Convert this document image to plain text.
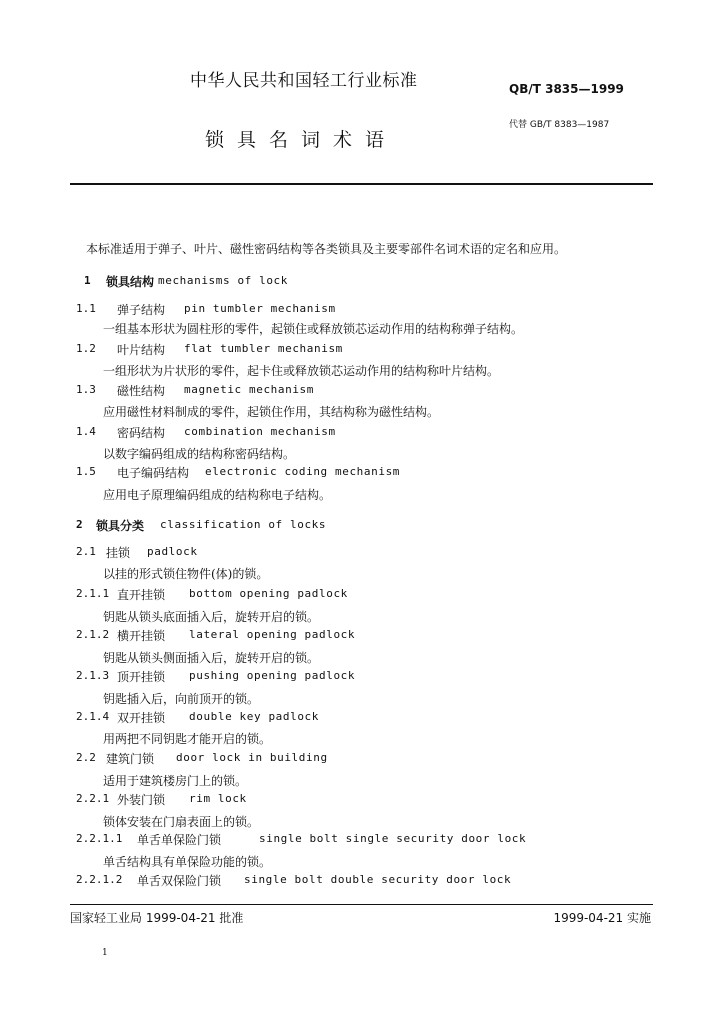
中华人民共和国轻工行业标准	QB/T 3835—1999
代替 GB/T 8383—1987
锁具名词术语
本标准适用于弹子、叶片、磁性密码结构等各类锁具及主要零部件名词术语的定名和应用。
1 锁具结构 mechanisms of lock
1.1 弹子结构 pin tumbler mechanism
一组基本形状为圆柱形的零件，起锁住或释放锁芯运动作用的结构称弹子结构。
1.2 叶片结构 flat tumbler mechanism
一组形状为片状形的零件，起卡住或释放锁芯运动作用的结构称叶片结构。
1.3 磁性结构 magnetic mechanism
应用磁性材料制成的零件，起锁住作用，其结构称为磁性结构。
1.4 密码结构 combination mechanism
以数字编码组成的结构称密码结构。
1.5 电子编码结构 electronic coding mechanism
应用电子原理编码组成的结构称电子结构。
2 锁具分类 classification of locks
2.1 挂锁 padlock
以挂的形式锁住物件(体)的锁。
2.1.1 直开挂锁 bottom opening padlock
钥匙从锁头底面插入后，旋转开启的锁。
2.1.2 横开挂锁 lateral opening padlock
钥匙从锁头侧面插入后，旋转开启的锁。
2.1.3 顶开挂锁 pushing opening padlock
钥匙插入后，向前顶开的锁。
2.1.4 双开挂锁 double key padlock
用两把不同钥匙才能开启的锁。
2.2 建筑门锁 door lock in building
适用于建筑楼房门上的锁。
2.2.1 外装门锁 rim lock
锁体安装在门扇表面上的锁。
2.2.1.1 单舌单保险门锁	single bolt single security door lock
单舌结构具有单保险功能的锁。
2.2.1.2 单舌双保险门锁 single bolt double security door lock
国家轻工业局 1999-04-21 批准	1999-04-21 实施
1
